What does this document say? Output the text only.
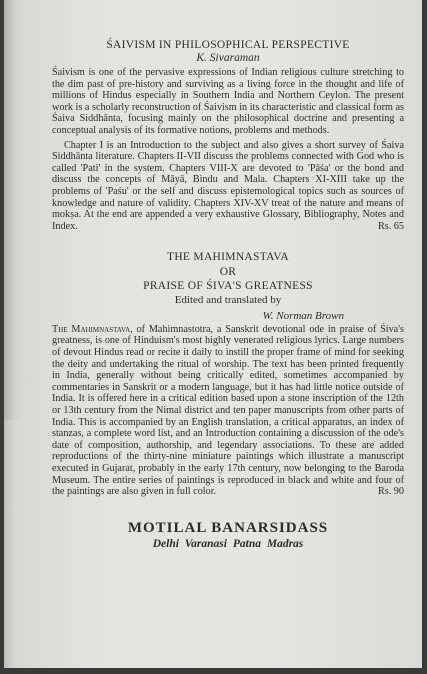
ŚAIVISM IN PHILOSOPHICAL PERSPECTIVE

K. Sivaraman

Śaivism is one of the pervasive expressions of Indian religious culture stretching to the dim past of pre-history and surviving as a living force in the thought and life of millions of Hindus especially in Southern India and Northern Ceylon. The present work is a scholarly reconstruction of Śaivism in its characteristic and classical form as Śaiva Siddhānta, focusing mainly on the philosophical doctrine and presenting a conceptual analysis of its formative notions, problems and methods.

Chapter I is an Introduction to the subject and also gives a short survey of Śaiva Siddhānta literature. Chapters II-VII discuss the problems connected with God who is called 'Pati' in the system. Chapters VIII-X are devoted to 'Pāśa' or the bond and discuss the concepts of Māyā, Bindu and Mala. Chapters XI-XIII take up the problems of 'Paśu' or the self and discuss epistemological topics such as sources of knowledge and nature of validity. Chapters XIV-XV treat of the nature and means of mokṣa. At the end are appended a very exhaustive Glossary, Bibliography, Notes and Index.	Rs. 65

THE MAHIMNASTAVA

OR

PRAISE OF ŚIVA'S GREATNESS

Edited and translated by

W. Norman Brown

The Mahimnastava, of Mahimnastotra, a Sanskrit devotional ode in praise of Śiva's greatness, is one of Hinduism's most highly venerated religious lyrics. Large numbers of devout Hindus read or recite it daily to instill the proper frame of mind for seeking the deity and undertaking the ritual of worship. The text has been printed frequently in India, generally without being critically edited, sometimes accompanied by commentaries in Sanskrit or a modern language, but it has had little notice outside of India. It is offered here in a critical edition based upon a stone inscription of the 12th or 13th century from the Nimal district and ten paper manuscripts from other parts of India. This is accompanied by an English translation, a critical apparatus, an index of stanzas, a complete word list, and an Introduction containing a discussion of the ode's date of composition, authorship, and legendary associations. To these are added reproductions of the thirty-nine miniature paintings which illustrate a manuscript executed in Gujarat, probably in the early 17th century, now belonging to the Baroda Museum. The entire series of paintings is reproduced in black and white and four of the paintings are also given in full color.	Rs. 90

MOTILAL BANARSIDASS
Delhi Varanasi Patna Madras
